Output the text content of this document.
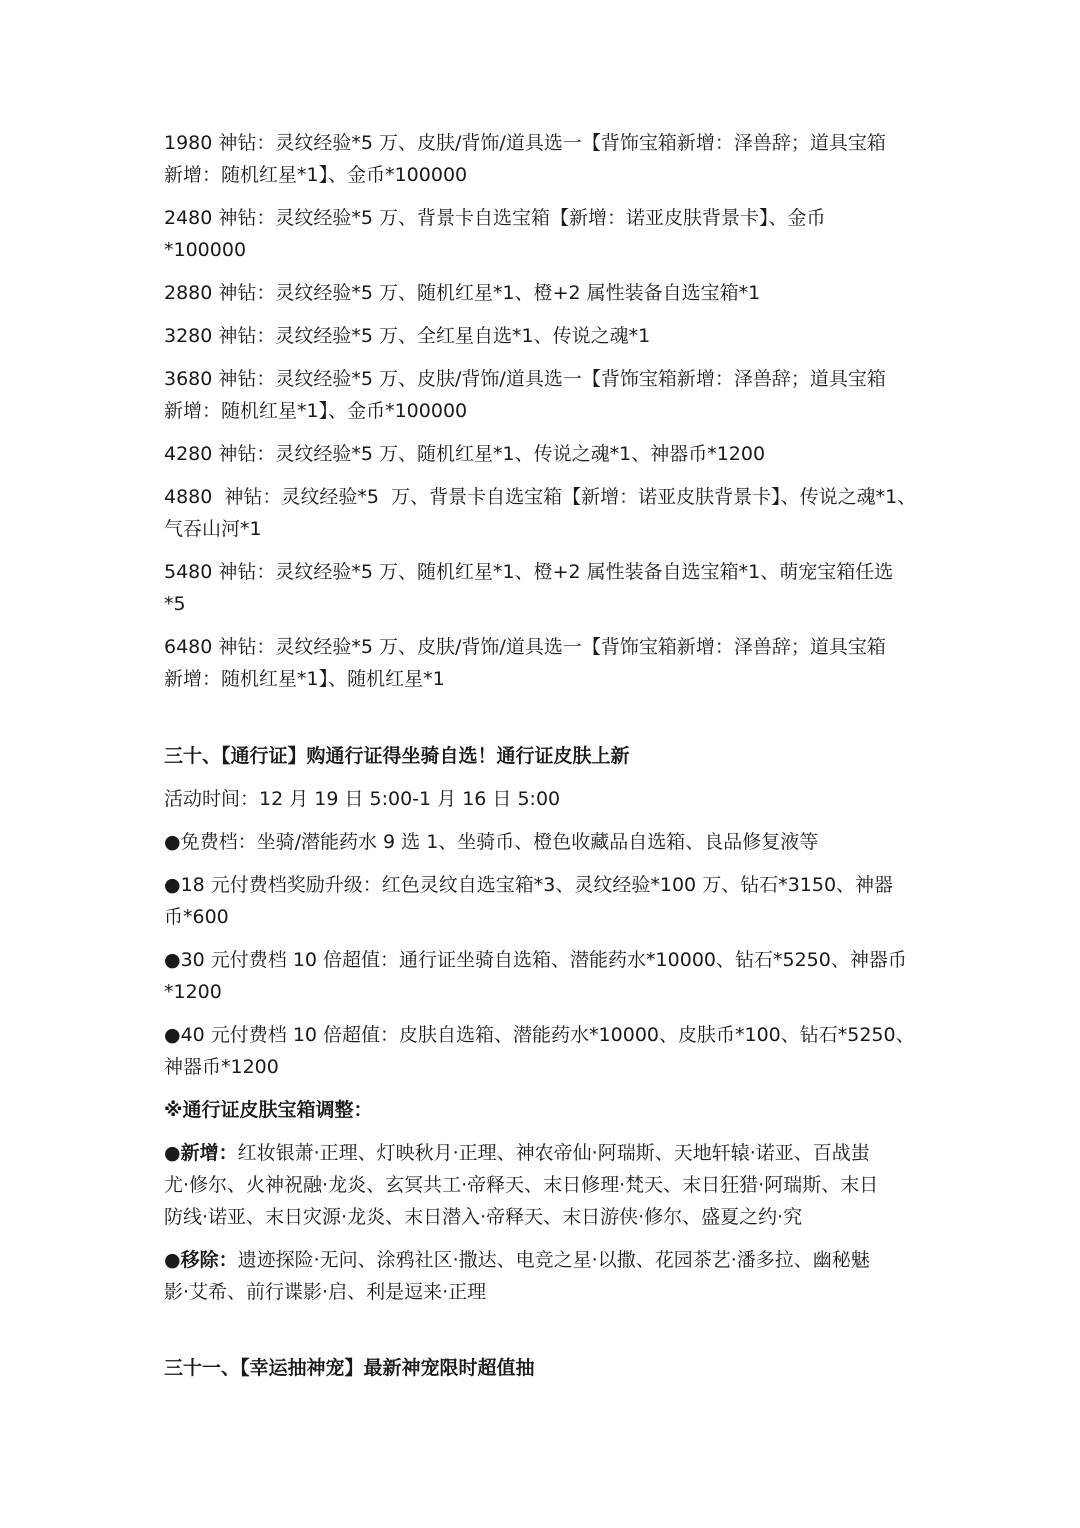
1980 神钻：灵纹经验*5 万、皮肤/背饰/道具选一【背饰宝箱新增：泽兽辞；道具宝箱
新增：随机红星*1】、金币*100000

2480 神钻：灵纹经验*5 万、背景卡自选宝箱【新增：诺亚皮肤背景卡】、金币
*100000

2880 神钻：灵纹经验*5 万、随机红星*1、橙+2 属性装备自选宝箱*1

3280 神钻：灵纹经验*5 万、全红星自选*1、传说之魂*1

3680 神钻：灵纹经验*5 万、皮肤/背饰/道具选一【背饰宝箱新增：泽兽辞；道具宝箱
新增：随机红星*1】、金币*100000

4280 神钻：灵纹经验*5 万、随机红星*1、传说之魂*1、神器币*1200

4880  神钻：灵纹经验*5  万、背景卡自选宝箱【新增：诺亚皮肤背景卡】、传说之魂*1、
气吞山河*1

5480 神钻：灵纹经验*5 万、随机红星*1、橙+2 属性装备自选宝箱*1、萌宠宝箱任选
*5

6480 神钻：灵纹经验*5 万、皮肤/背饰/道具选一【背饰宝箱新增：泽兽辞；道具宝箱
新增：随机红星*1】、随机红星*1

三十、【通行证】购通行证得坐骑自选！通行证皮肤上新

活动时间：12 月 19 日 5:00-1 月 16 日 5:00

●免费档：坐骑/潜能药水 9 选 1、坐骑币、橙色收藏品自选箱、良品修复液等

●18 元付费档奖励升级：红色灵纹自选宝箱*3、灵纹经验*100 万、钻石*3150、神器
币*600

●30 元付费档 10 倍超值：通行证坐骑自选箱、潜能药水*10000、钻石*5250、神器币
*1200

●40 元付费档 10 倍超值：皮肤自选箱、潜能药水*10000、皮肤币*100、钻石*5250、
神器币*1200

※通行证皮肤宝箱调整：

●新增：红妆银萧·正理、灯映秋月·正理、神农帝仙·阿瑞斯、天地轩辕·诺亚、百战蚩
尤·修尔、火神祝融·龙炎、玄冥共工·帝释天、末日修理·梵天、末日狂猎·阿瑞斯、末日
防线·诺亚、末日灾源·龙炎、末日潜入·帝释天、末日游侠·修尔、盛夏之约·究

●移除：遗迹探险·无问、涂鸦社区·撒达、电竞之星·以撒、花园茶艺·潘多拉、幽秘魅
影·艾希、前行谍影·启、利是逗来·正理

三十一、【幸运抽神宠】最新神宠限时超值抽
